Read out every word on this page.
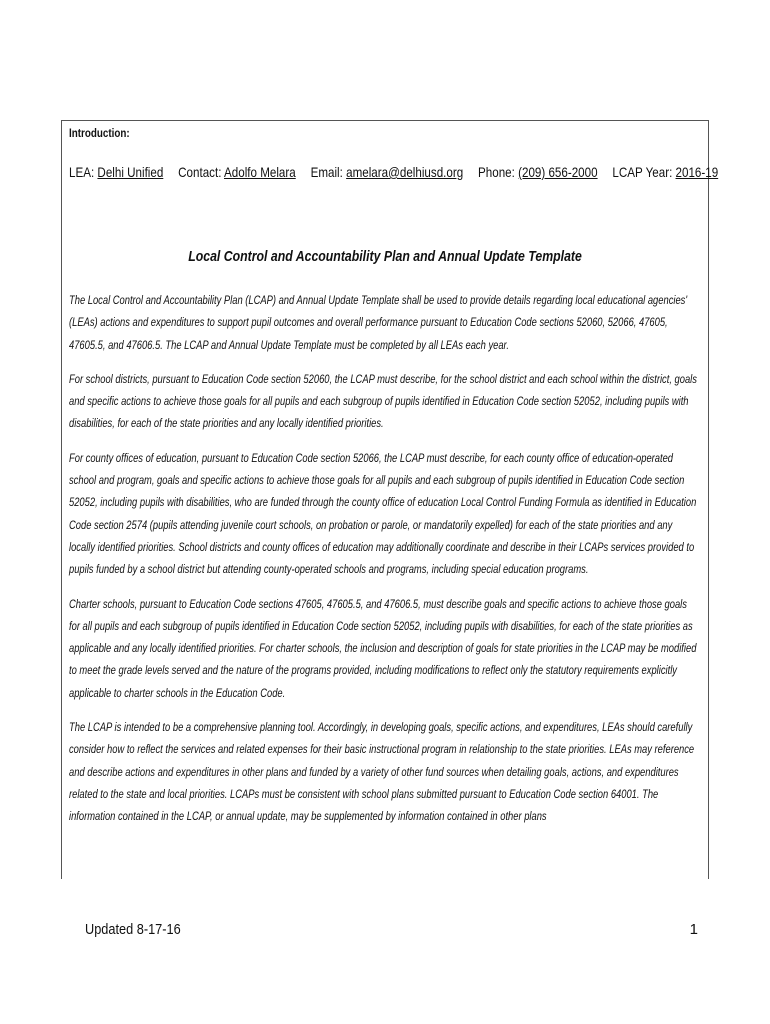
Introduction:
LEA: Delhi Unified Contact: Adolfo Melara Email: amelara@delhiusd.org Phone: (209) 656-2000 LCAP Year: 2016-19
Local Control and Accountability Plan and Annual Update Template

The Local Control and Accountability Plan (LCAP) and Annual Update Template shall be used to provide details regarding local educational agencies' (LEAs) actions and expenditures to support pupil outcomes and overall performance pursuant to Education Code sections 52060, 52066, 47605, 47605.5, and 47606.5. The LCAP and Annual Update Template must be completed by all LEAs each year.

For school districts, pursuant to Education Code section 52060, the LCAP must describe, for the school district and each school within the district, goals and specific actions to achieve those goals for all pupils and each subgroup of pupils identified in Education Code section 52052, including pupils with disabilities, for each of the state priorities and any locally identified priorities.

For county offices of education, pursuant to Education Code section 52066, the LCAP must describe, for each county office of education-operated school and program, goals and specific actions to achieve those goals for all pupils and each subgroup of pupils identified in Education Code section 52052, including pupils with disabilities, who are funded through the county office of education Local Control Funding Formula as identified in Education Code section 2574 (pupils attending juvenile court schools, on probation or parole, or mandatorily expelled) for each of the state priorities and any locally identified priorities. School districts and county offices of education may additionally coordinate and describe in their LCAPs services provided to pupils funded by a school district but attending county-operated schools and programs, including special education programs.

Charter schools, pursuant to Education Code sections 47605, 47605.5, and 47606.5, must describe goals and specific actions to achieve those goals for all pupils and each subgroup of pupils identified in Education Code section 52052, including pupils with disabilities, for each of the state priorities as applicable and any locally identified priorities. For charter schools, the inclusion and description of goals for state priorities in the LCAP may be modified to meet the grade levels served and the nature of the programs provided, including modifications to reflect only the statutory requirements explicitly applicable to charter schools in the Education Code.

The LCAP is intended to be a comprehensive planning tool. Accordingly, in developing goals, specific actions, and expenditures, LEAs should carefully consider how to reflect the services and related expenses for their basic instructional program in relationship to the state priorities. LEAs may reference and describe actions and expenditures in other plans and funded by a variety of other fund sources when detailing goals, actions, and expenditures related to the state and local priorities. LCAPs must be consistent with school plans submitted pursuant to Education Code section 64001. The information contained in the LCAP, or annual update, may be supplemented by information contained in other plans

Updated 8-17-16	1
